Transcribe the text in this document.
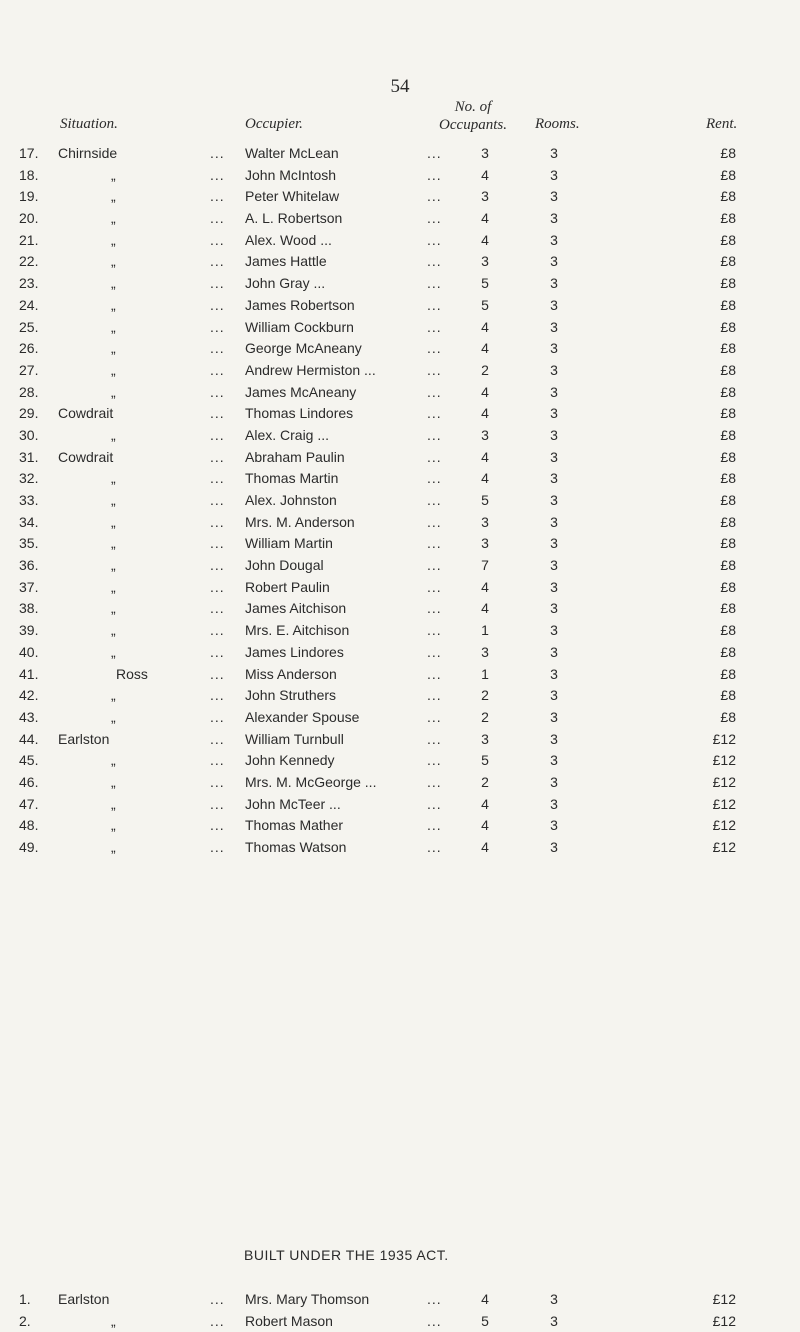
54
Situation.	Occupier.
No. of
Occupants.	Rooms.	Rent.
17. Chirnside	... Walter McLean	...	3	3	£8
18.	„	... John McIntosh	...	4	3	£8
19.	„	... Peter Whitelaw	...	3	3	£8
20.	„	... A. L. Robertson	...	4	3	£8
21.	„	... Alex. Wood ...	...	4	3	£8
22.	„	... James Hattle	...	3	3	£8
23.	„	... John Gray ...	...	5	3	£8
24.	„	... James Robertson	...	5	3	£8
25.	„	... William Cockburn	...	4	3	£8
26.	„	... George McAneany	...	4	3	£8
27.	„	... Andrew Hermiston ...	...	2	3	£8
28.	„	... James McAneany	...	4	3	£8
29. Cowdrait	... Thomas Lindores	...	4	3	£8
30.	„	... Alex. Craig ...	...	3	3	£8
31. Cowdrait	... Abraham Paulin	...	4	3	£8
32.	„	... Thomas Martin	...	4	3	£8
33.	„	... Alex. Johnston	...	5	3	£8
34.	„	... Mrs. M. Anderson	...	3	3	£8
35.	„	... William Martin	...	3	3	£8
36.	„	... John Dougal	...	7	3	£8
37.	„	... Robert Paulin	...	4	3	£8
38.	„	... James Aitchison	...	4	3	£8
39.	„	... Mrs. E. Aitchison	...	1	3	£8
40.	„	... James Lindores	...	3	3	£8
41.	Ross	... Miss Anderson	...	1	3	£8
42.	„	... John Struthers	...	2	3	£8
43.	„	... Alexander Spouse	...	2	3	£8
44. Earlston	... William Turnbull	...	3	3	£12
45.	„	... John Kennedy	...	5	3	£12
46.	„	... Mrs. M. McGeorge ...	...	2	3	£12
47.	„	... John McTeer ...	...	4	3	£12
48.	„	... Thomas Mather	...	4	3	£12
49.	„	... Thomas Watson	...	4	3	£12
BUILT UNDER THE 1935 ACT.
1. Earlston	... Mrs. Mary Thomson	...	4	3	£12
2.	„	... Robert Mason	...	5	3	£12
